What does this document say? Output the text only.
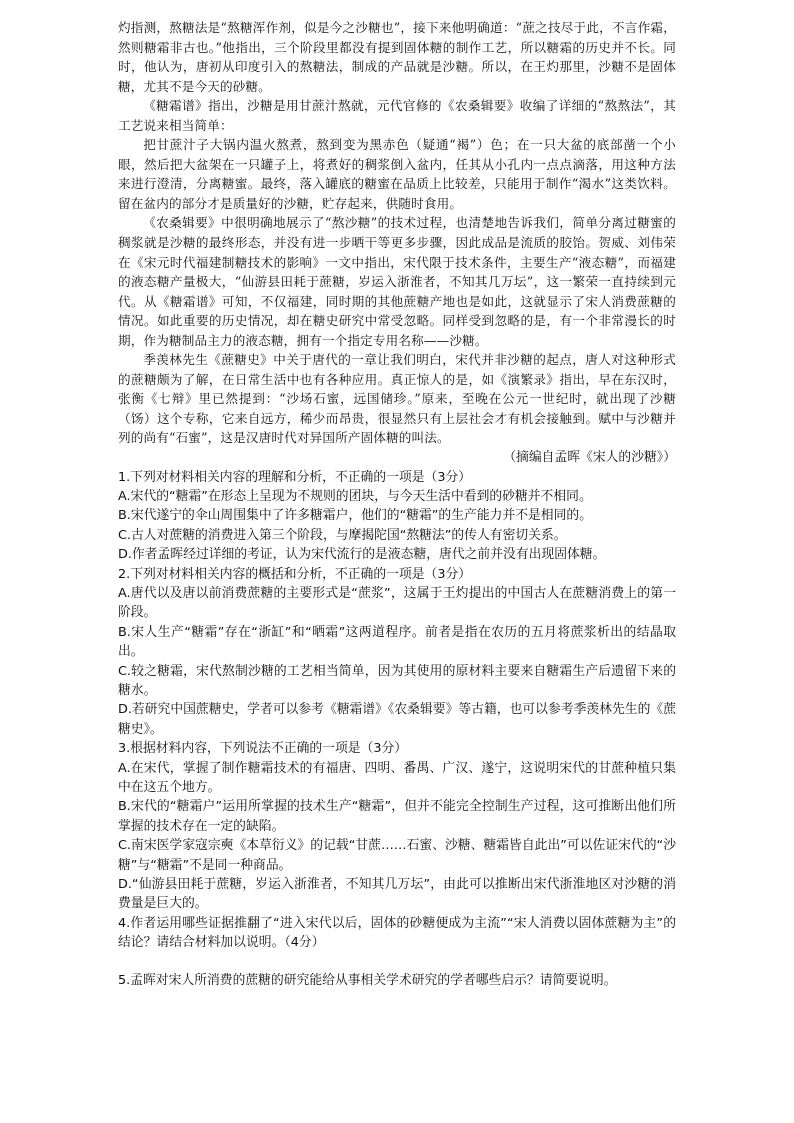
灼指测，熬糖法是“熬糖浑作剂，似是今之沙糖也”，接下来他明确道：“蔗之技尽于此，不言作霜，然则糖霜非古也。”他指出，三个阶段里都没有提到固体糖的制作工艺，所以糖霜的历史并不长。同时，他认为，唐初从印度引入的熬糖法，制成的产品就是沙糖。所以，在王灼那里，沙糖不是固体糖，尤其不是今天的砂糖。

《糖霜谱》指出，沙糖是用甘蔗汁熬就，元代官修的《农桑辑要》收编了详细的“熬熬法”，其工艺说来相当简单：

把甘蔗汁子大锅内温火熬煮，熬到变为黑赤色（疑通“褐”）色；在一只大盆的底部凿一个小眼，然后把大盆架在一只罐子上，将煮好的稠浆倒入盆内，任其从小孔内一点点滴落，用这种方法来进行澄清，分离糖蜜。最终，落入罐底的糖蜜在品质上比较差，只能用于制作“渴水”这类饮料。留在盆内的部分才是质量好的沙糖，贮存起来，供随时食用。

《农桑辑要》中很明确地展示了“熬沙糖”的技术过程，也清楚地告诉我们，简单分离过糖蜜的稠浆就是沙糖的最终形态，并没有进一步晒干等更多步骤，因此成品是流质的胶饴。贺威、刘伟荣在《宋元时代福建制糖技术的影响》一文中指出，宋代限于技术条件，主要生产“液态糖”，而福建的液态糖产量极大，“仙游县田耗于蔗糖，岁运入浙淮者，不知其几万坛”，这一繁荣一直持续到元代。从《糖霜谱》可知，不仅福建，同时期的其他蔗糖产地也是如此，这就显示了宋人消费蔗糖的情况。如此重要的历史情况，却在糖史研究中常受忽略。同样受到忽略的是，有一个非常漫长的时期，作为糖制品主力的液态糖，拥有一个指定专用名称——沙糖。

季羡林先生《蔗糖史》中关于唐代的一章让我们明白，宋代并非沙糖的起点，唐人对这种形式的蔗糖颇为了解，在日常生活中也有各种应用。真正惊人的是，如《演繁录》指出，早在东汉时，张衡《七辩》里已然提到：“沙场石蜜，远国储珍。”原来，至晚在公元一世纪时，就出现了沙糖（饧）这个专称，它来自远方，稀少而昂贵，很显然只有上层社会才有机会接触到。赋中与沙糖并列的尚有“石蜜”，这是汉唐时代对异国所产固体糖的叫法。

（摘编自孟晖《宋人的沙糖》）

1.下列对材料相关内容的理解和分析，不正确的一项是（3分）

A.宋代的“糖霜”在形态上呈现为不规则的团块，与今天生活中看到的砂糖并不相同。

B.宋代遂宁的伞山周围集中了许多糖霜户，他们的“糖霜”的生产能力并不是相同的。

C.古人对蔗糖的消费进入第三个阶段，与摩揭陀国“熬糖法”的传人有密切关系。

D.作者孟晖经过详细的考证，认为宋代流行的是液态糖，唐代之前并没有出现固体糖。

2.下列对材料相关内容的概括和分析，不正确的一项是（3分）

A.唐代以及唐以前消费蔗糖的主要形式是“蔗浆”，这属于王灼提出的中国古人在蔗糖消费上的第一阶段。

B.宋人生产“糖霜”存在“浙缸”和“晒霜”这两道程序。前者是指在农历的五月将蔗浆析出的结晶取出。

C.较之糖霜，宋代熬制沙糖的工艺相当简单，因为其使用的原材料主要来自糖霜生产后遗留下来的糖水。

D.若研究中国蔗糖史，学者可以参考《糖霜谱》《农桑辑要》等古籍，也可以参考季羡林先生的《蔗糖史》。

3.根据材料内容，下列说法不正确的一项是（3分）

A.在宋代，掌握了制作糖霜技术的有福唐、四明、番禺、广汉、遂宁，这说明宋代的甘蔗种植只集中在这五个地方。

B.宋代的“糖霜户”运用所掌握的技术生产“糖霜”，但并不能完全控制生产过程，这可推断出他们所掌握的技术存在一定的缺陷。

C.南宋医学家寇宗奭《本草衍义》的记载“甘蔗……石蜜、沙糖、糖霜皆自此出”可以佐证宋代的“沙糖”与“糖霜”不是同一种商品。

D.“仙游县田耗于蔗糖，岁运入浙淮者，不知其几万坛”，由此可以推断出宋代浙淮地区对沙糖的消费量是巨大的。

4.作者运用哪些证据推翻了“进入宋代以后，固体的砂糖便成为主流”“宋人消费以固体蔗糖为主”的结论？请结合材料加以说明。（4分）

5.孟晖对宋人所消费的蔗糖的研究能给从事相关学术研究的学者哪些启示？请简要说明。
